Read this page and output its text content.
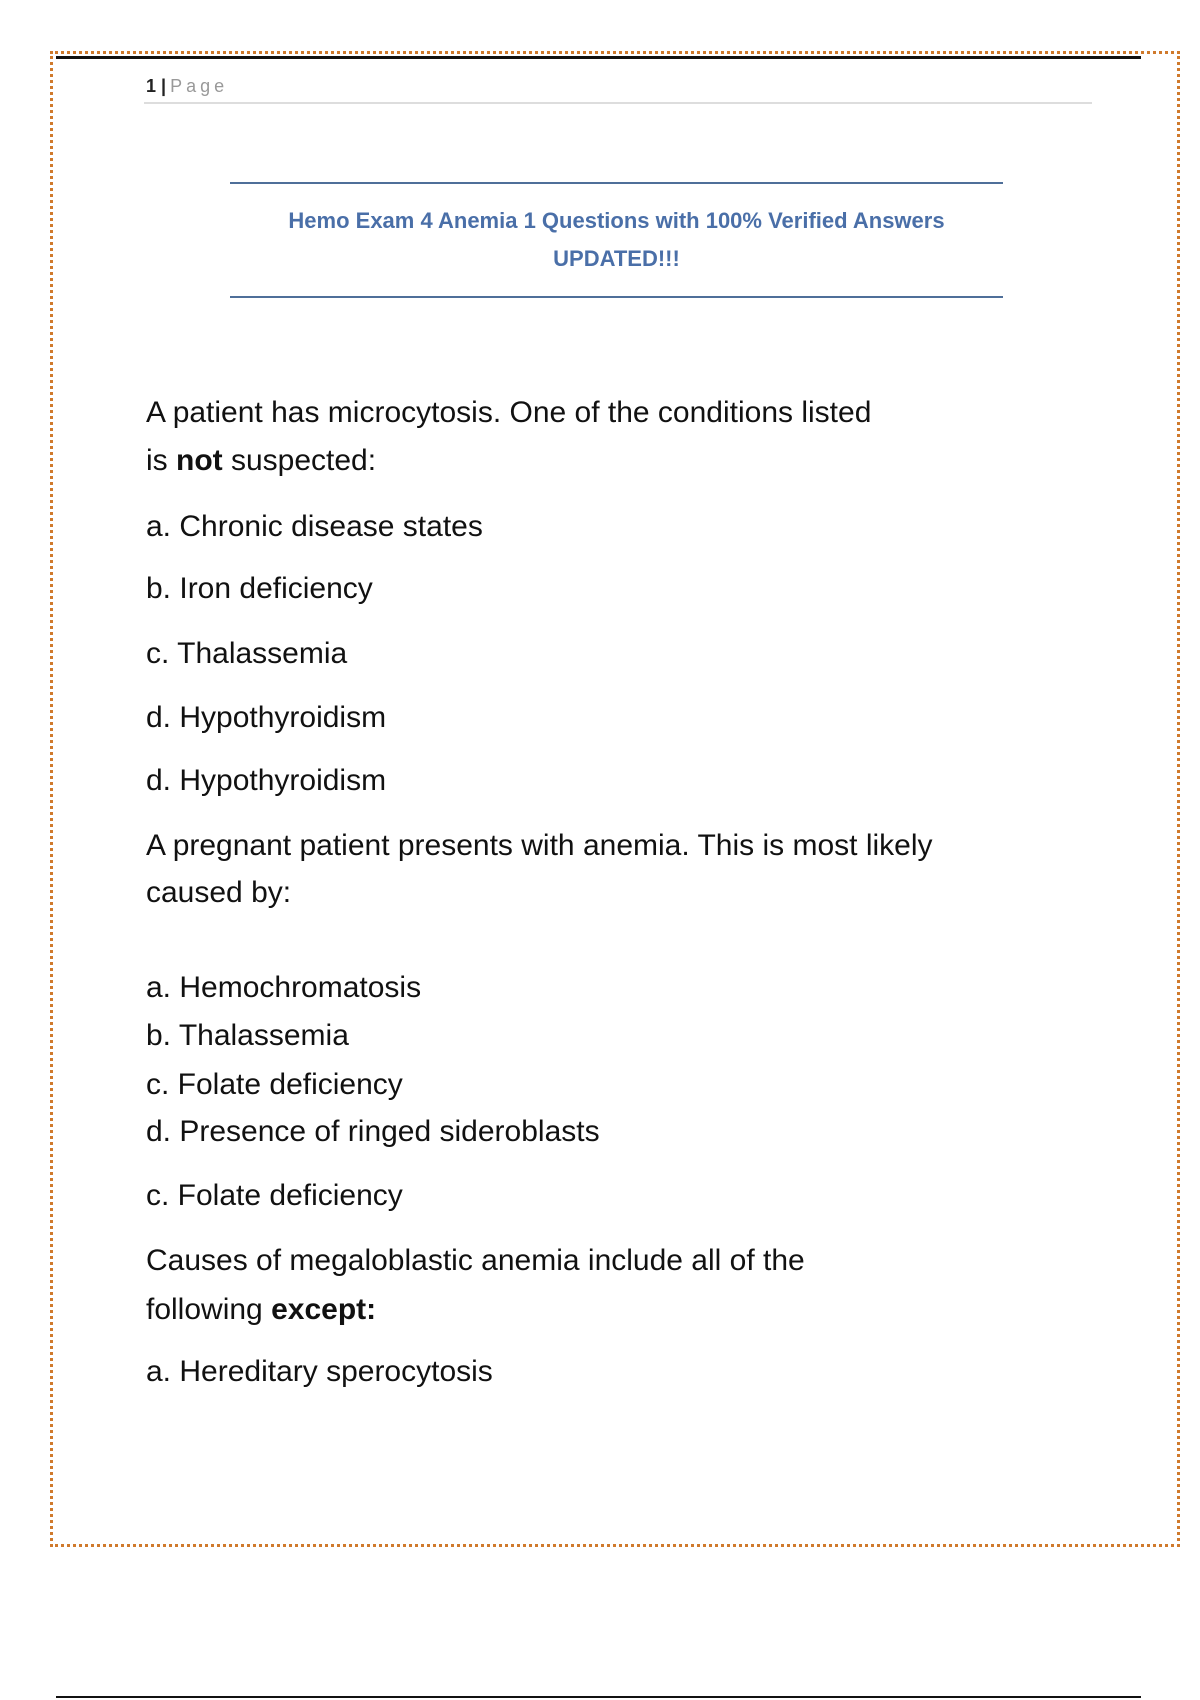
1 | Page
Hemo Exam 4 Anemia 1 Questions with 100% Verified Answers
UPDATED!!!
A patient has microcytosis. One of the conditions listed
is not suspected:
a. Chronic disease states
b. Iron deficiency
c. Thalassemia
d. Hypothyroidism
d. Hypothyroidism
A pregnant patient presents with anemia. This is most likely
caused by:
a. Hemochromatosis
b. Thalassemia
c. Folate deficiency
d. Presence of ringed sideroblasts
c. Folate deficiency
Causes of megaloblastic anemia include all of the
following except:
a. Hereditary sperocytosis
